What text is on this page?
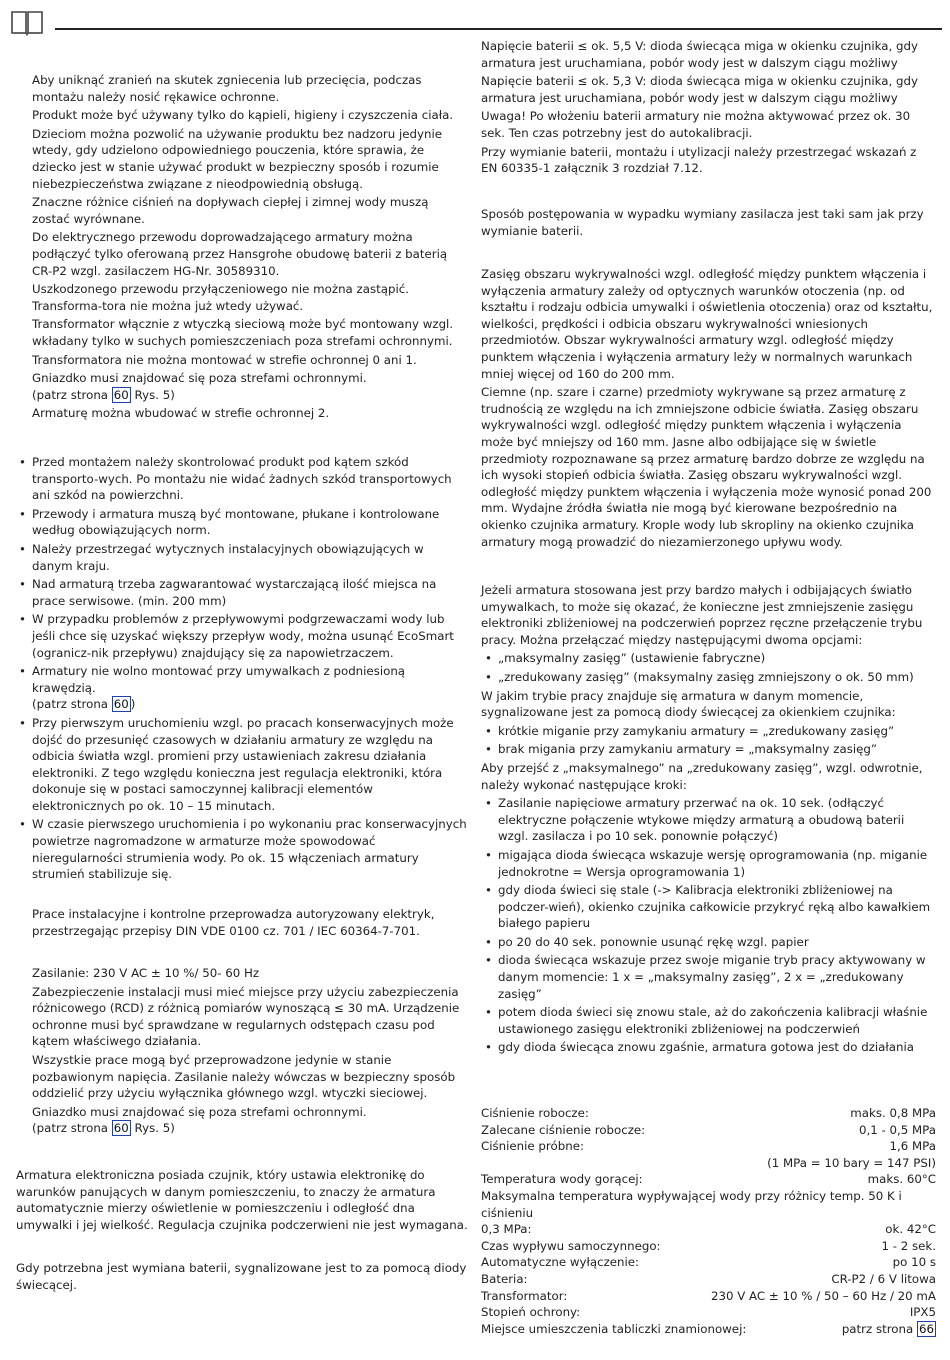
Aby uniknąć zranień na skutek zgniecenia lub przecięcia, podczas montażu należy nosić rękawice ochronne.

Produkt może być używany tylko do kąpieli, higieny i czyszczenia ciała.

Dzieciom można pozwolić na używanie produktu bez nadzoru jedynie wtedy, gdy udzielono odpowiedniego pouczenia, które sprawia, że dziecko jest w stanie używać produkt w bezpieczny sposób i rozumie niebezpieczeństwa związane z nieodpowiednią obsługą.

Znaczne różnice ciśnień na dopływach ciepłej i zimnej wody muszą zostać wyrównane.

Do elektrycznego przewodu doprowadzającego armatury można podłączyć tylko oferowaną przez Hansgrohe obudowę baterii z baterią CR-P2 wzgl. zasilaczem HG-Nr. 30589310.

Uszkodzonego przewodu przyłączeniowego nie można zastąpić. Transforma-tora nie można już wtedy używać.

Transformator włącznie z wtyczką sieciową może być montowany wzgl. wkładany tylko w suchych pomieszczeniach poza strefami ochronnymi.

Transformatora nie można montować w strefie ochronnej 0 ani 1.

Gniazdko musi znajdować się poza strefami ochronnymi.

(patrz strona 60 Rys. 5)

Armaturę można wbudować w strefie ochronnej 2.

• Przed montażem należy skontrolować produkt pod kątem szkód transporto-wych. Po montażu nie widać żadnych szkód transportowych ani szkód na powierzchni.
• Przewody i armatura muszą być montowane, płukane i kontrolowane według obowiązujących norm.
• Należy przestrzegać wytycznych instalacyjnych obowiązujących w danym kraju.
• Nad armaturą trzeba zagwarantować wystarczającą ilość miejsca na prace serwisowe. (min. 200 mm)
• W przypadku problemów z przepływowymi podgrzewaczami wody lub jeśli chce się uzyskać większy przepływ wody, można usunąć EcoSmart (ogranicz-nik przepływu) znajdujący się za napowietrzaczem.
• Armatury nie wolno montować przy umywalkach z podniesioną krawędzią.
(patrz strona 60 )
• Przy pierwszym uruchomieniu wzgl. po pracach konserwacyjnych może dojść do przesunięć czasowych w działaniu armatury ze względu na odbicia światła wzgl. promieni przy ustawieniach zakresu działania elektroniki. Z tego względu konieczna jest regulacja elektroniki, która dokonuje się w postaci samoczynnej kalibracji elementów elektronicznych po ok. 10 – 15 minutach.
• W czasie pierwszego uruchomienia i po wykonaniu prac konserwacyjnych powietrze nagromadzone w armaturze może spowodować nieregularności strumienia wody. Po ok. 15 włączeniach armatury strumień stabilizuje się.

Prace instalacyjne i kontrolne przeprowadza autoryzowany elektryk, przestrzegając przepisy DIN VDE 0100 cz. 701 / IEC 60364-7-701.

Zasilanie: 230 V AC ± 10 %/ 50- 60 Hz

Zabezpieczenie instalacji musi mieć miejsce przy użyciu zabezpieczenia różnicowego (RCD) z różnicą pomiarów wynoszącą ≤ 30 mA. Urządzenie ochronne musi być sprawdzane w regularnych odstępach czasu pod kątem właściwego działania.

Wszystkie prace mogą być przeprowadzone jedynie w stanie pozbawionym napięcia. Zasilanie należy wówczas w bezpieczny sposób oddzielić przy użyciu wyłącznika głównego wzgl. wtyczki sieciowej.

Gniazdko musi znajdować się poza strefami ochronnymi.

(patrz strona 60 Rys. 5)

Armatura elektroniczna posiada czujnik, który ustawia elektronikę do warunków panujących w danym pomieszczeniu, to znaczy że armatura automatycznie mierzy oświetlenie w pomieszczeniu i odległość dna umywalki i jej wielkość. Regulacja czujnika podczerwieni nie jest wymagana.

Gdy potrzebna jest wymiana baterii, sygnalizowane jest to za pomocą diody świecącej.

Napięcie baterii ≤ ok. 5,5 V: dioda świecąca miga w okienku czujnika, gdy armatura jest uruchamiana, pobór wody jest w dalszym ciągu możliwy

Napięcie baterii ≤ ok. 5,3 V: dioda świecąca miga w okienku czujnika, gdy armatura jest uruchamiana, pobór wody jest w dalszym ciągu możliwy

Uwaga! Po włożeniu baterii armatury nie można aktywować przez ok. 30 sek. Ten czas potrzebny jest do autokalibracji.

Przy wymianie baterii, montażu i utylizacji należy przestrzegać wskazań z EN 60335-1 załącznik 3 rozdział 7.12.

Sposób postępowania w wypadku wymiany zasilacza jest taki sam jak przy wymianie baterii.

Zasięg obszaru wykrywalności wzgl. odległość między punktem włączenia i wyłączenia armatury zależy od optycznych warunków otoczenia (np. od kształtu i rodzaju odbicia umywalki i oświetlenia otoczenia) oraz od kształtu, wielkości, prędkości i odbicia obszaru wykrywalności wniesionych przedmiotów. Obszar wykrywalności armatury wzgl. odległość między punktem włączenia i wyłączenia armatury leży w normalnych warunkach mniej więcej od 160 do 200 mm.

Ciemne (np. szare i czarne) przedmioty wykrywane są przez armaturę z trudnością ze względu na ich zmniejszone odbicie światła. Zasięg obszaru wykrywalności wzgl. odległość między punktem włączenia i wyłączenia może być mniejszy od 160 mm. Jasne albo odbijające się w świetle przedmioty rozpoznawane są przez armaturę bardzo dobrze ze względu na ich wysoki stopień odbicia światła. Zasięg obszaru wykrywalności wzgl. odległość między punktem włączenia i wyłączenia może wynosić ponad 200 mm. Wydajne źródła światła nie mogą być kierowane bezpośrednio na okienko czujnika armatury. Krople wody lub skropliny na okienko czujnika armatury mogą prowadzić do niezamierzonego upływu wody.

Jeżeli armatura stosowana jest przy bardzo małych i odbijających światło umywalkach, to może się okazać, że konieczne jest zmniejszenie zasięgu elektroniki zbliżeniowej na podczerwień poprzez ręczne przełączenie trybu pracy. Można przełączać między następującymi dwoma opcjami:

• „maksymalny zasięg” (ustawienie fabryczne)
• „zredukowany zasięg” (maksymalny zasięg zmniejszony o ok. 50 mm)

W jakim trybie pracy znajduje się armatura w danym momencie, sygnalizowane jest za pomocą diody świecącej za okienkiem czujnika:

• krótkie miganie przy zamykaniu armatury = „zredukowany zasięg”
• brak migania przy zamykaniu armatury = „maksymalny zasięg”

Aby przejść z „maksymalnego” na „zredukowany zasięg”, wzgl. odwrotnie, należy wykonać następujące kroki:

• Zasilanie napięciowe armatury przerwać na ok. 10 sek. (odłączyć elektryczne połączenie wtykowe między armaturą a obudową baterii wzgl. zasilacza i po 10 sek. ponownie połączyć)
• migająca dioda świecąca wskazuje wersję oprogramowania (np. miganie jednokrotne = Wersja oprogramowania 1)
• gdy dioda świeci się stale (-> Kalibracja elektroniki zbliżeniowej na podczer-wień), okienko czujnika całkowicie przykryć ręką albo kawałkiem białego papieru
• po 20 do 40 sek. ponownie usunąć rękę wzgl. papier
• dioda świecąca wskazuje przez swoje miganie tryb pracy aktywowany w danym momencie: 1 x = „maksymalny zasięg”, 2 x = „zredukowany zasięg”
• potem dioda świeci się znowu stale, aż do zakończenia kalibracji właśnie ustawionego zasięgu elektroniki zbliżeniowej na podczerwień
• gdy dioda świecąca znowu zgaśnie, armatura gotowa jest do działania
Ciśnienie robocze:	maks. 0,8 MPa
Zalecane ciśnienie robocze:	0,1 - 0,5 MPa
Ciśnienie próbne:	1,6 MPa
(1 MPa = 10 bary = 147 PSI)
Temperatura wody gorącej:	maks. 60°C
Maksymalna temperatura wypływającej wody przy różnicy temp. 50 K i ciśnieniu
0,3 MPa:	ok. 42°C
Czas wypływu samoczynnego:	1 - 2 sek.
Automatyczne wyłączenie:	po 10 s
Bateria:	CR-P2 / 6 V litowa
Transformator:	230 V AC ± 10 % / 50 – 60 Hz / 20 mA
Stopień ochrony:	IPX5
Miejsce umieszczenia tabliczki znamionowej:	patrz strona 66
